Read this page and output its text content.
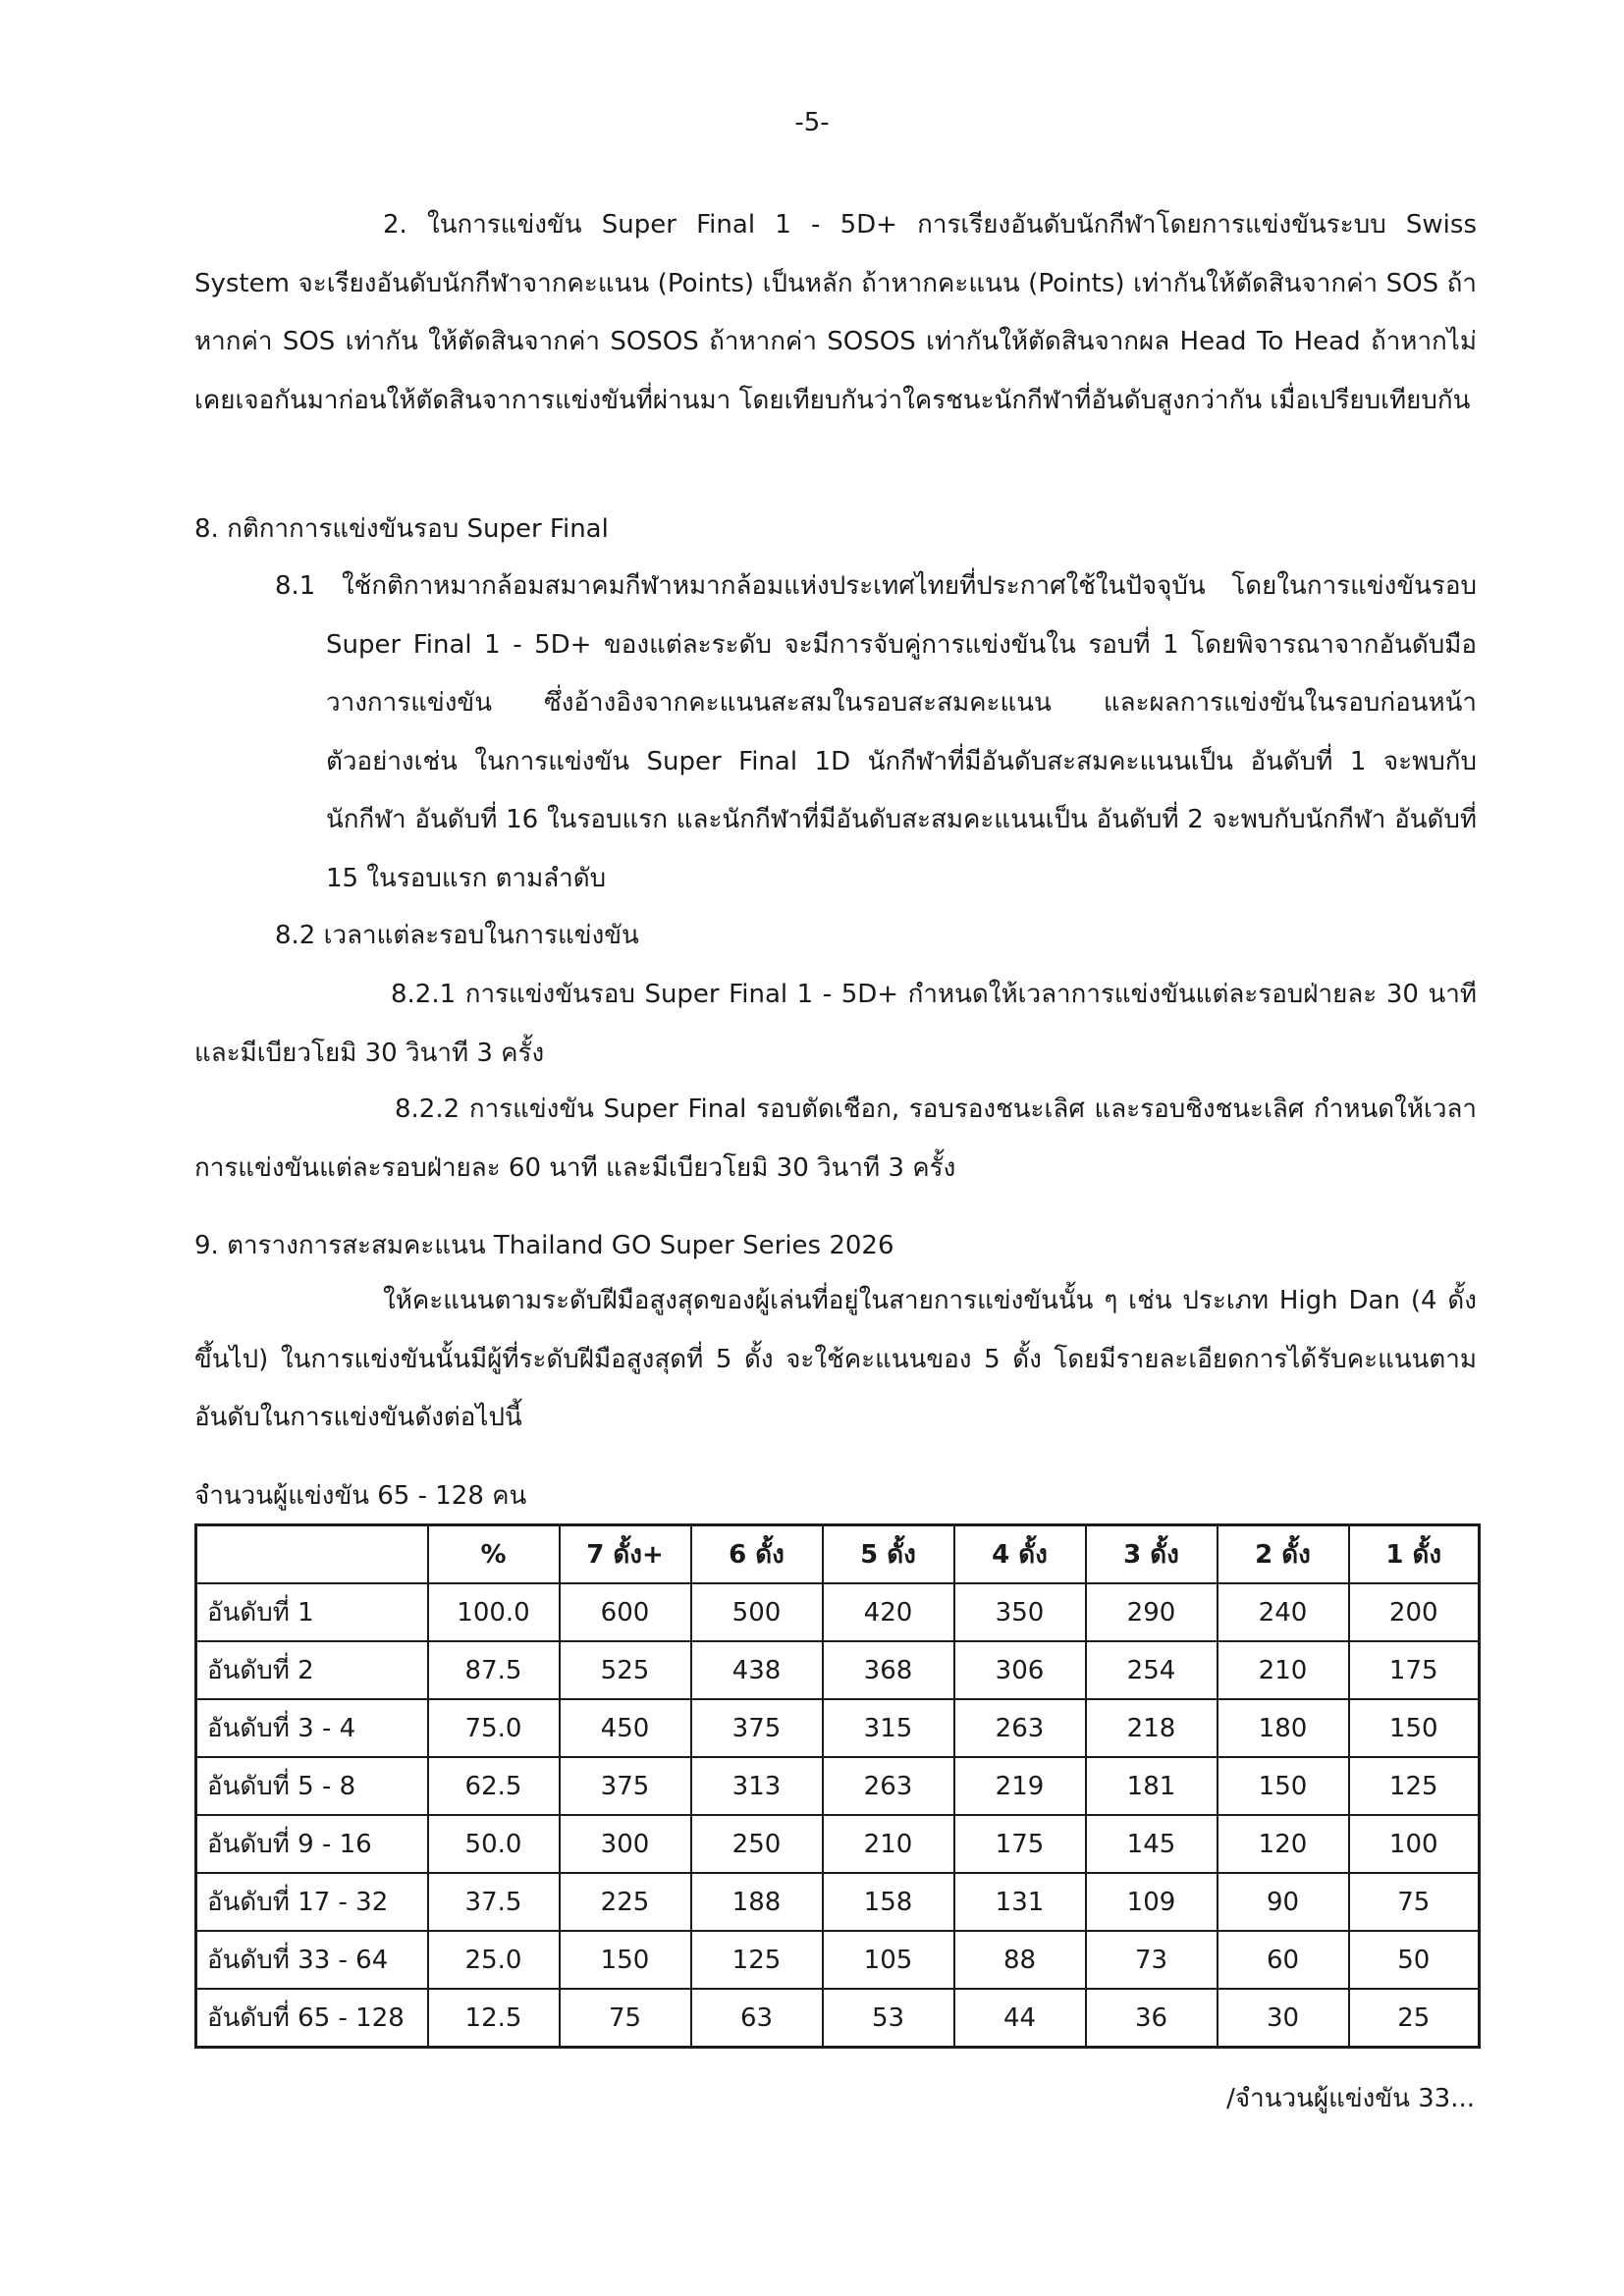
-5-
2. ในการแข่งขัน Super Final 1 - 5D+ การเรียงอันดับนักกีฬาโดยการแข่งขันระบบ Swiss System จะเรียงอันดับนักกีฬาจากคะแนน (Points) เป็นหลัก ถ้าหากคะแนน (Points) เท่ากันให้ตัดสินจากค่า SOS ถ้าหากค่า SOS เท่ากัน ให้ตัดสินจากค่า SOSOS ถ้าหากค่า SOSOS เท่ากันให้ตัดสินจากผล Head To Head ถ้าหากไม่เคยเจอกันมาก่อนให้ตัดสินจาการแข่งขันที่ผ่านมา โดยเทียบกันว่าใครชนะนักกีฬาที่อันดับสูงกว่ากัน เมื่อเปรียบเทียบกัน
8. กติกาการแข่งขันรอบ Super Final
8.1 ใช้กติกาหมากล้อมสมาคมกีฬาหมากล้อมแห่งประเทศไทยที่ประกาศใช้ในปัจจุบัน โดยในการแข่งขันรอบ Super Final 1 - 5D+ ของแต่ละระดับ จะมีการจับคู่การแข่งขันใน รอบที่ 1 โดยพิจารณาจากอันดับมือวางการแข่งขัน ซึ่งอ้างอิงจากคะแนนสะสมในรอบสะสมคะแนน และผลการแข่งขันในรอบก่อนหน้า ตัวอย่างเช่น ในการแข่งขัน Super Final 1D นักกีฬาที่มีอันดับสะสมคะแนนเป็น อันดับที่ 1 จะพบกับนักกีฬา อันดับที่ 16 ในรอบแรก และนักกีฬาที่มีอันดับสะสมคะแนนเป็น อันดับที่ 2 จะพบกับนักกีฬา อันดับที่ 15 ในรอบแรก ตามลำดับ
8.2 เวลาแต่ละรอบในการแข่งขัน
8.2.1 การแข่งขันรอบ Super Final 1 - 5D+ กำหนดให้เวลาการแข่งขันแต่ละรอบฝ่ายละ 30 นาที และมีเบียวโยมิ 30 วินาที 3 ครั้ง
8.2.2 การแข่งขัน Super Final รอบตัดเชือก, รอบรองชนะเลิศ และรอบชิงชนะเลิศ กำหนดให้เวลาการแข่งขันแต่ละรอบฝ่ายละ 60 นาที และมีเบียวโยมิ 30 วินาที 3 ครั้ง
9. ตารางการสะสมคะแนน Thailand GO Super Series 2026
ให้คะแนนตามระดับฝีมือสูงสุดของผู้เล่นที่อยู่ในสายการแข่งขันนั้น ๆ เช่น ประเภท High Dan (4 ดั้งขึ้นไป) ในการแข่งขันนั้นมีผู้ที่ระดับฝีมือสูงสุดที่ 5 ดั้ง จะใช้คะแนนของ 5 ดั้ง โดยมีรายละเอียดการได้รับคะแนนตามอันดับในการแข่งขันดังต่อไปนี้
จำนวนผู้แข่งขัน 65 - 128 คน
	%	7 ดั้ง+	6 ดั้ง	5 ดั้ง	4 ดั้ง	3 ดั้ง	2 ดั้ง	1 ดั้ง
อันดับที่ 1	100.0	600	500	420	350	290	240	200
อันดับที่ 2	87.5	525	438	368	306	254	210	175
อันดับที่ 3 - 4	75.0	450	375	315	263	218	180	150
อันดับที่ 5 - 8	62.5	375	313	263	219	181	150	125
อันดับที่ 9 - 16	50.0	300	250	210	175	145	120	100
อันดับที่ 17 - 32	37.5	225	188	158	131	109	90	75
อันดับที่ 33 - 64	25.0	150	125	105	88	73	60	50
อันดับที่ 65 - 128	12.5	75	63	53	44	36	30	25
/จำนวนผู้แข่งขัน 33...
